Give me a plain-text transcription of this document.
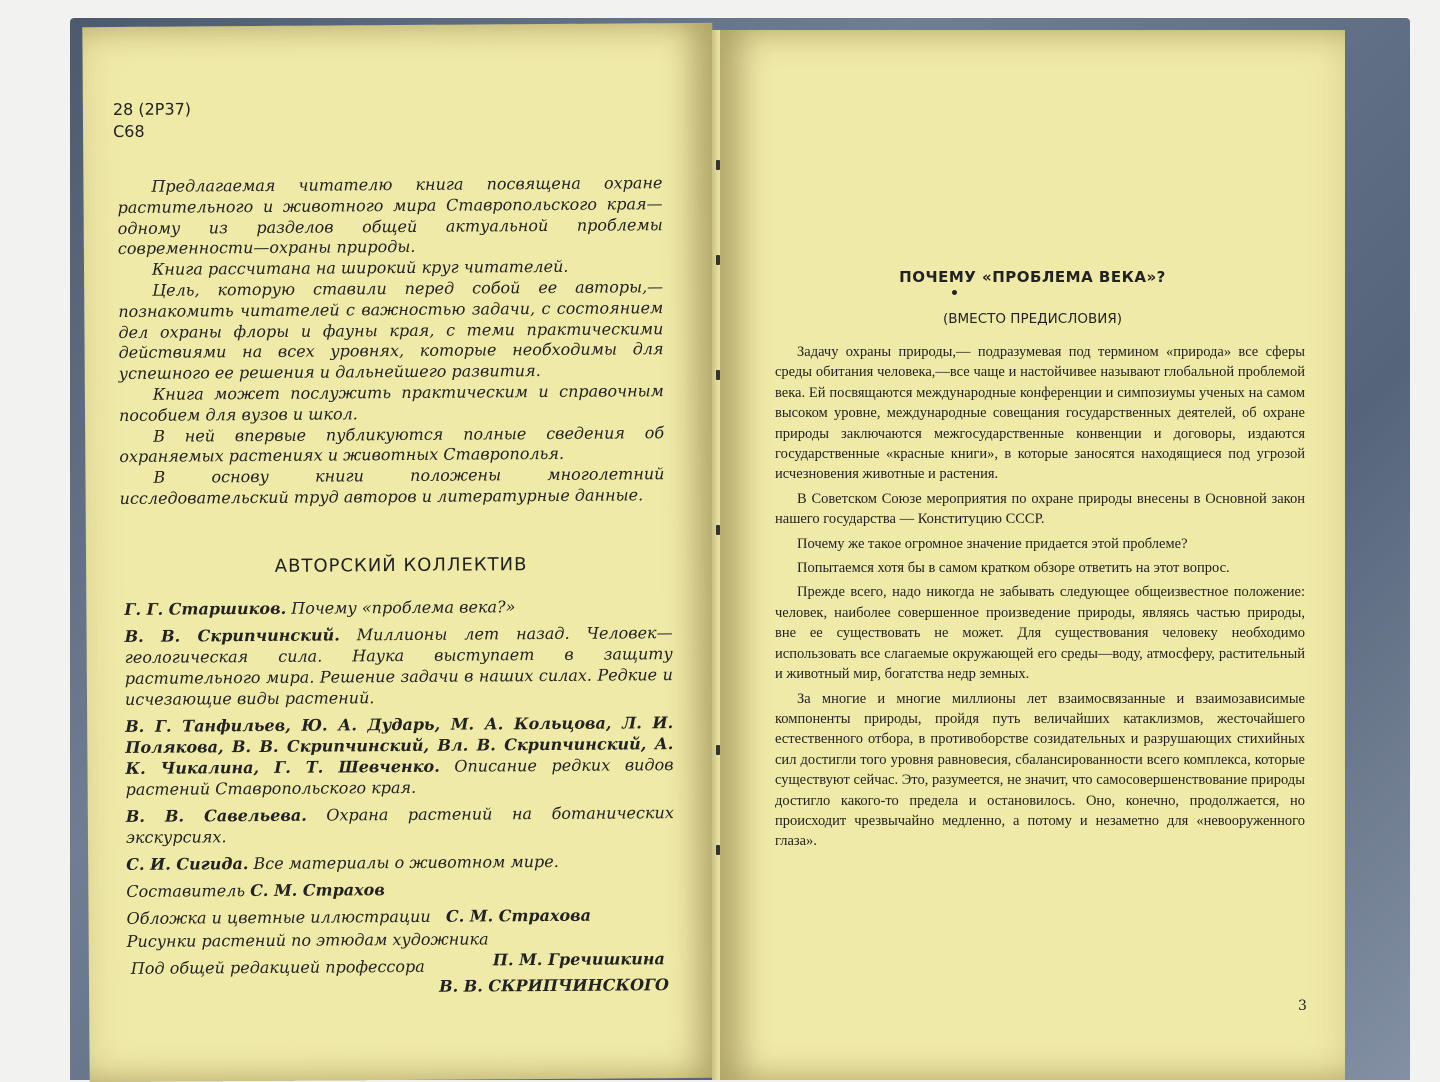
28 (2Р37)
С68

Предлагаемая читателю книга посвящена охране растительного и животного мира Ставропольского края—одному из разделов общей актуальной проблемы современности—охраны природы.

Книга рассчитана на широкий круг читателей.

Цель, которую ставили перед собой ее авторы,—познакомить читателей с важностью задачи, с состоянием дел охраны флоры и фауны края, с теми практическими действиями на всех уровнях, которые необходимы для успешного ее решения и дальнейшего развития.

Книга может послужить практическим и справочным пособием для вузов и школ.

В ней впервые публикуются полные сведения об охраняемых растениях и животных Ставрополья.

В основу книги положены многолетний исследовательский труд авторов и литературные данные.

АВТОРСКИЙ КОЛЛЕКТИВ

Г. Г. Старшиков. Почему «проблема века?»

В. В. Скрипчинский. Миллионы лет назад. Человек—геологическая сила. Наука выступает в защиту растительного мира. Решение задачи в наших силах. Редкие и исчезающие виды растений.

В. Г. Танфильев, Ю. А. Дударь, М. А. Кольцова, Л. И. Полякова, В. В. Скрипчинский, Вл. В. Скрипчинский, А. К. Чикалина, Г. Т. Шевченко. Описание редких видов растений Ставропольского края.

В. В. Савельева. Охрана растений на ботанических экскурсиях.

С. И. Сигида. Все материалы о животном мире.

Составитель С. М. Страхов

Обложка и цветные иллюстрации С. М. Страхова

Рисунки растений по этюдам художника

П. М. Гречишкина

Под общей редакцией профессора
В. В. СКРИПЧИНСКОГО
ПОЧЕМУ «ПРОБЛЕМА ВЕКА»?
(ВМЕСТО ПРЕДИСЛОВИЯ)

Задачу охраны природы,— подразумевая под термином «природа» все сферы среды обитания человека,—все чаще и настойчивее называют глобальной проблемой века. Ей посвящаются международные конференции и симпозиумы ученых на самом высоком уровне, международные совещания государственных деятелей, об охране природы заключаются межгосударственные конвенции и договоры, издаются государственные «красные книги», в которые заносятся находящиеся под угрозой исчезновения животные и растения.

В Советском Союзе мероприятия по охране природы внесены в Основной закон нашего государства — Конституцию СССР.

Почему же такое огромное значение придается этой проблеме?

Попытаемся хотя бы в самом кратком обзоре ответить на этот вопрос.

Прежде всего, надо никогда не забывать следующее общеизвестное положение: человек, наиболее совершенное произведение природы, являясь частью природы, вне ее существовать не может. Для существования человеку необходимо использовать все слагаемые окружающей его среды—воду, атмосферу, растительный и животный мир, богатства недр земных.

За многие и многие миллионы лет взаимосвязанные и взаимозависимые компоненты природы, пройдя путь величайших катаклизмов, жесточайшего естественного отбора, в противоборстве созидательных и разрушающих стихийных сил достигли того уровня равновесия, сбалансированности всего комплекса, которые существуют сейчас. Это, разумеется, не значит, что самосовершенствование природы достигло какого-то предела и остановилось. Оно, конечно, продолжается, но происходит чрезвычайно медленно, а потому и незаметно для «невооруженного глаза».

3
